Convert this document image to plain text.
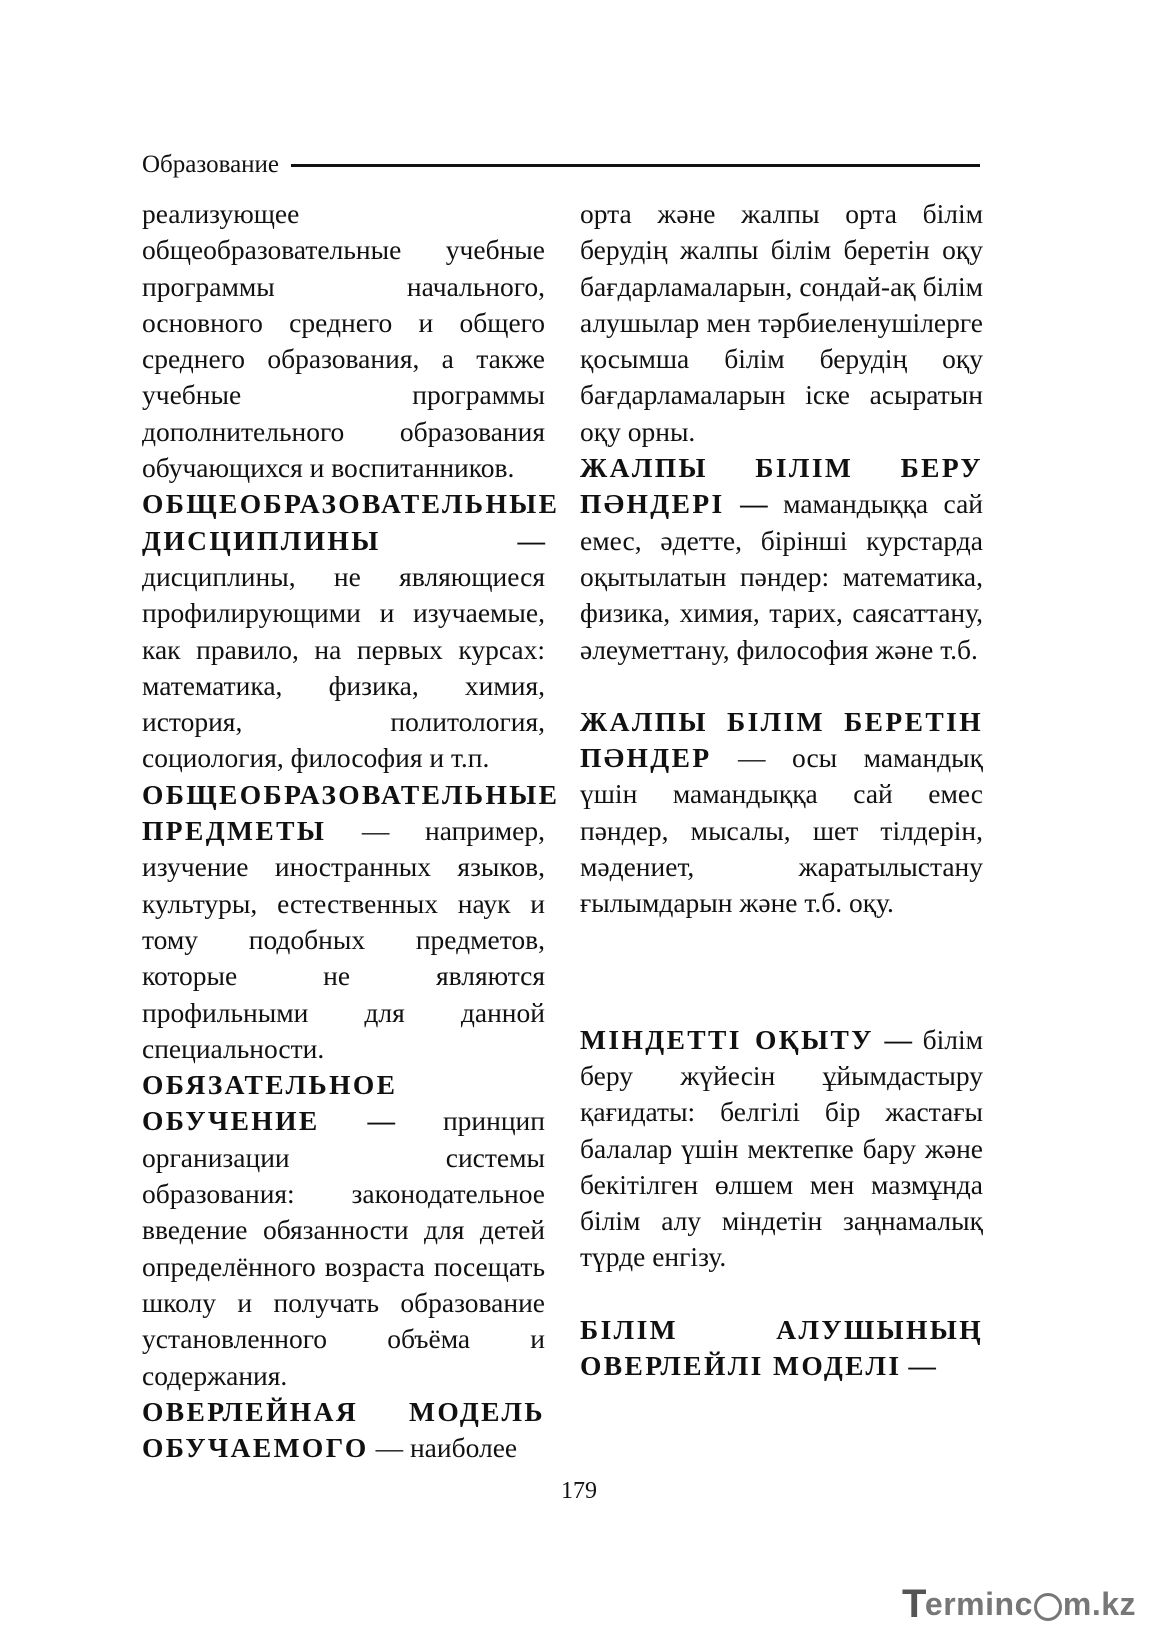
Образование

реализующее общеобразовательные учебные программы начального, основного среднего и общего среднего образования, а также учебные программы дополнительного образования обучающихся и воспитанников.

ОБЩЕОБРАЗОВАТЕЛЬНЫЕ ДИСЦИПЛИНЫ — дисциплины, не являющиеся профилирующими и изучаемые, как правило, на первых курсах: математика, физика, химия, история, политология, социология, философия и т.п.

ОБЩЕОБРАЗОВАТЕЛЬНЫЕ ПРЕДМЕТЫ — например, изучение иностранных языков, культуры, естественных наук и тому подобных предметов, которые не являются профильными для данной специальности.

ОБЯЗАТЕЛЬНОЕ ОБУЧЕНИЕ — принцип организации системы образования: законодательное введение обязанности для детей определённого возраста посещать школу и получать образование установленного объёма и содержания.

ОВЕРЛЕЙНАЯ МОДЕЛЬ ОБУЧАЕМОГО — наиболее

орта және жалпы орта білім берудің жалпы білім беретін оқу бағдарламаларын, сондай-ақ білім алушылар мен тәрбиеленушілерге қосымша білім берудің оқу бағдарламаларын іске асыратын оқу орны.

ЖАЛПЫ БІЛІМ БЕРУ ПӘНДЕРІ — мамандыққа сай емес, әдетте, бірінші курстарда оқытылатын пәндер: математика, физика, химия, тарих, саясаттану, әлеуметтану, философия және т.б.

ЖАЛПЫ БІЛІМ БЕРЕТІН ПӘНДЕР — осы мамандық үшін мамандыққа сай емес пәндер, мысалы, шет тілдерін, мәдениет, жаратылыстану ғылымдарын және т.б. оқу.

МІНДЕТТІ ОҚЫТУ — білім беру жүйесін ұйымдастыру қағидаты: белгілі бір жастағы балалар үшін мектепке бару және бекітілген өлшем мен мазмұнда білім алу міндетін заңнамалық түрде енгізу.

БІЛІМ АЛУШЫНЫҢ ОВЕРЛЕЙЛІ МОДЕЛІ —

179
T
ermin c m.kz
